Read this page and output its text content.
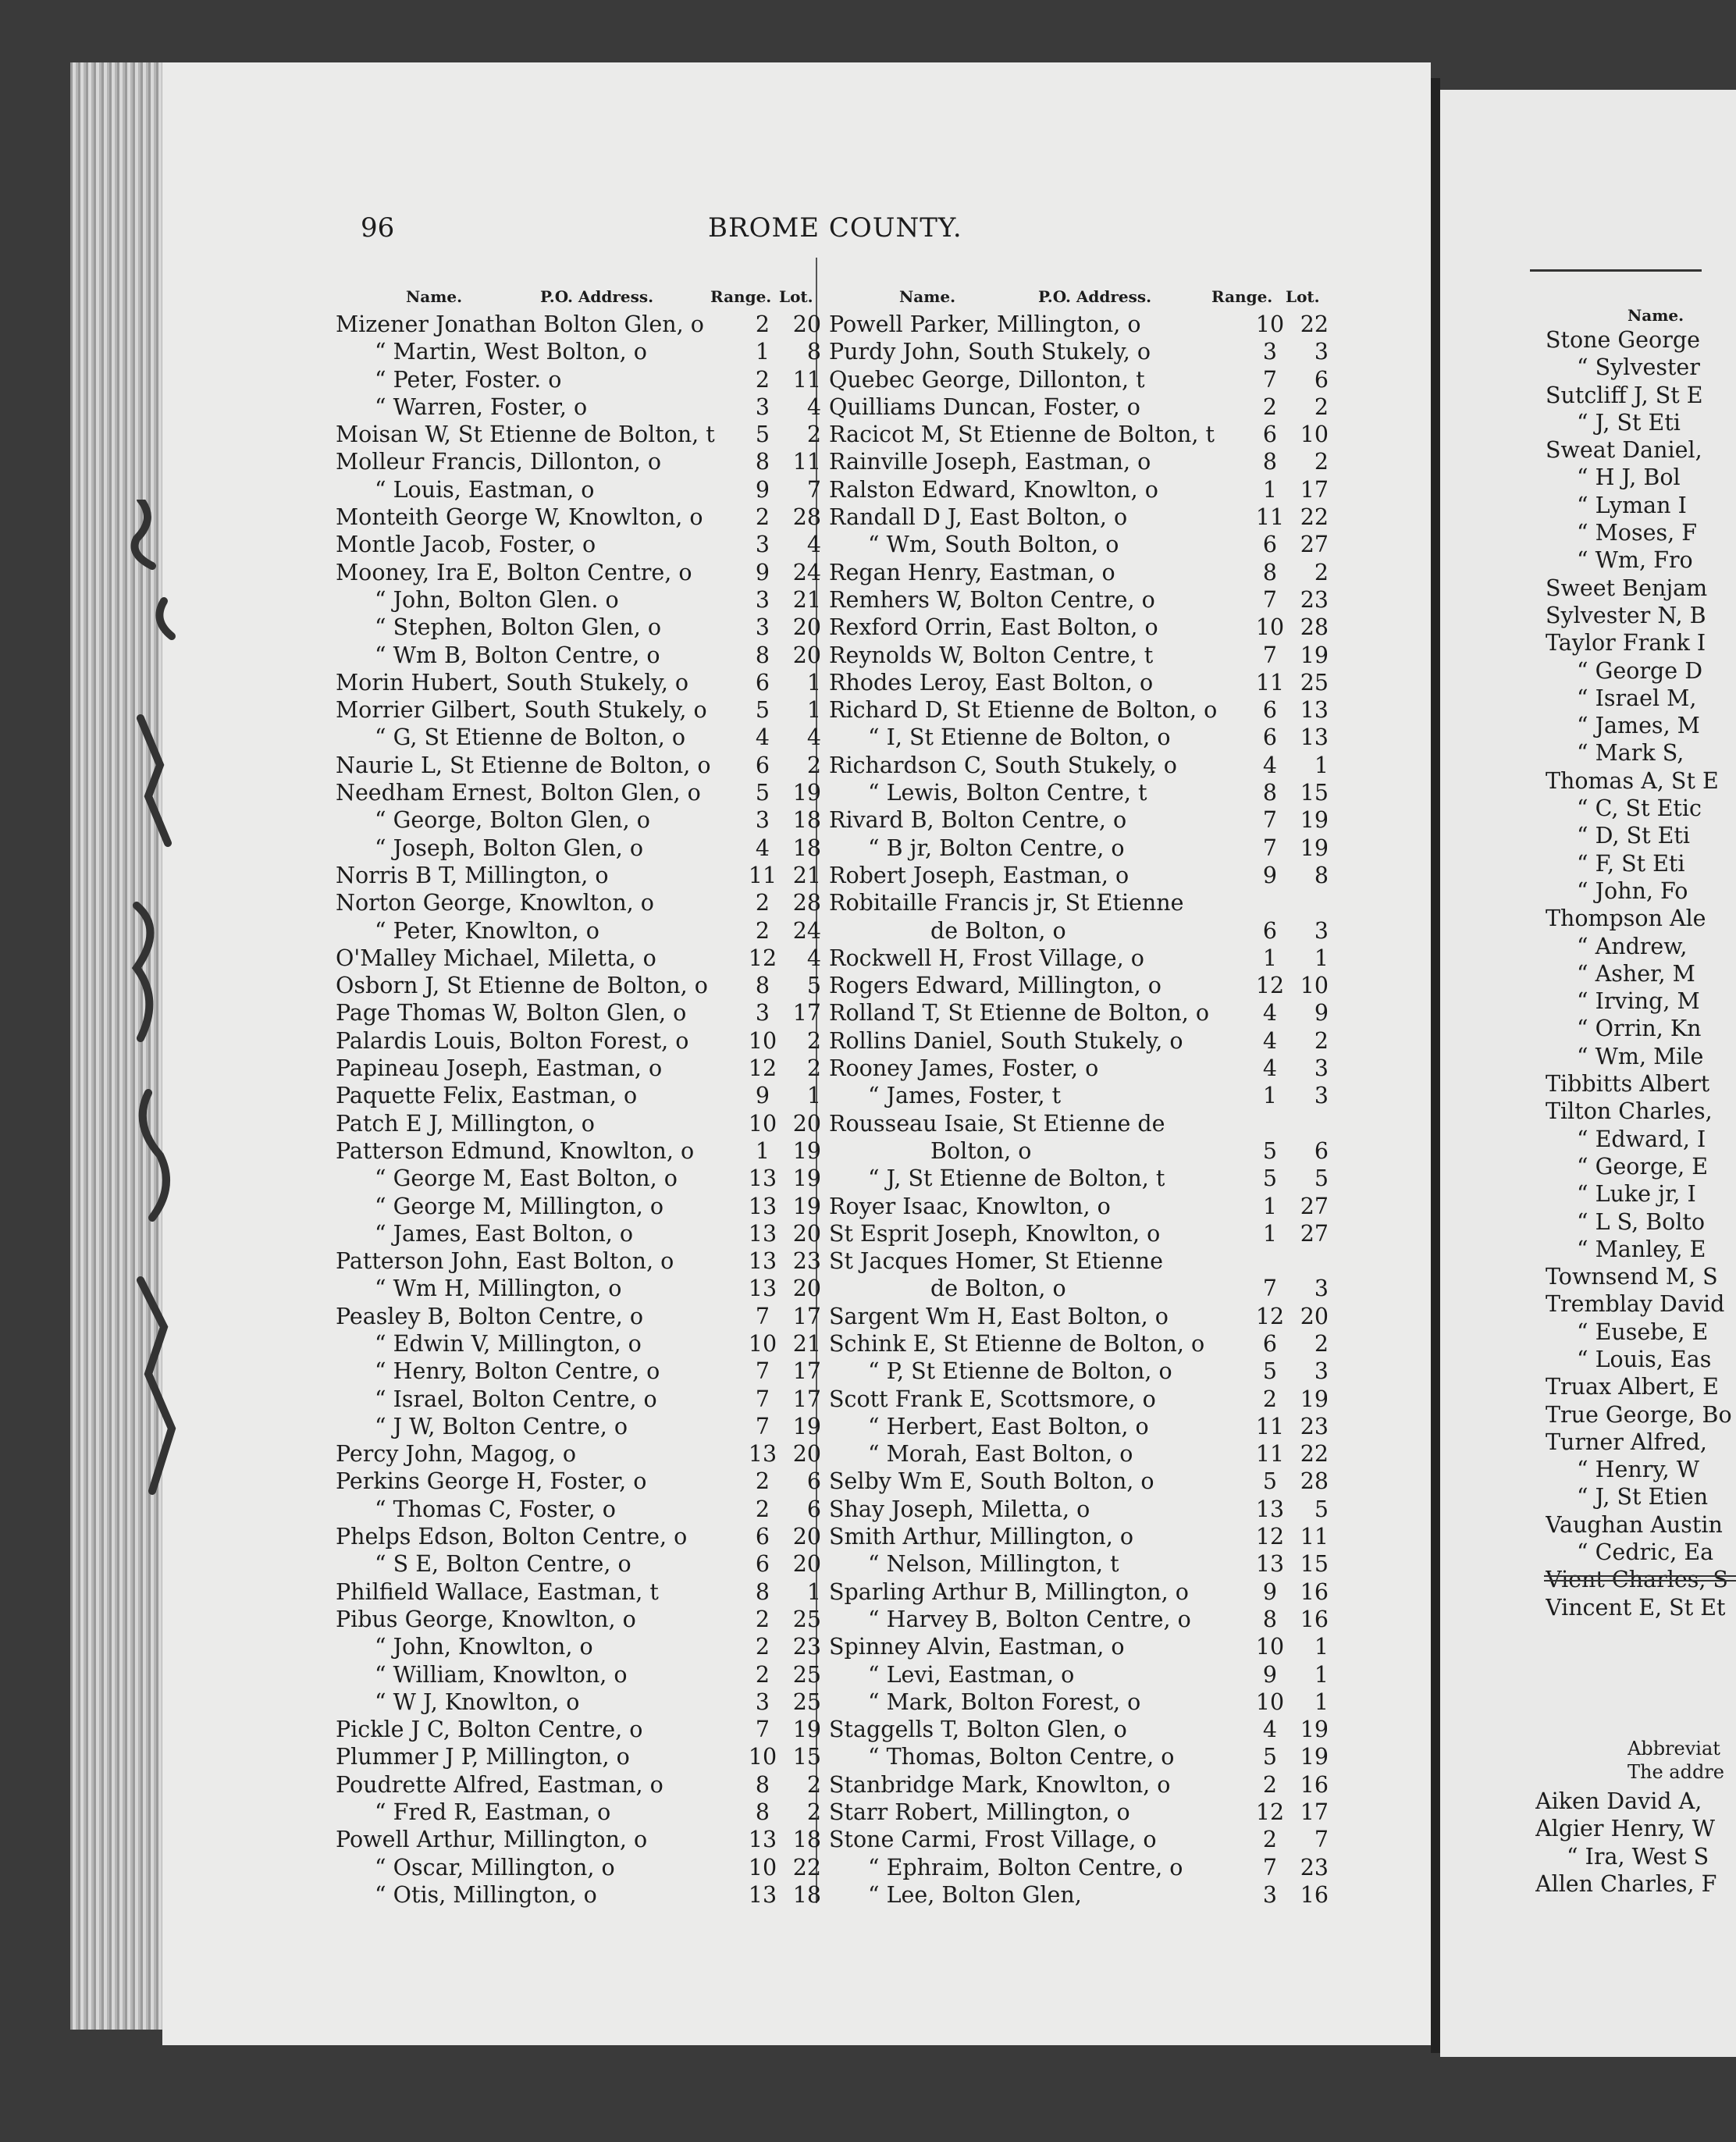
96	BROME COUNTY.
Name.	P.O. Address.	Range. Lot.
Mizener Jonathan Bolton Glen, o	2	20
“ Martin, West Bolton, o	1	8
“ Peter, Foster. o	2	11
“ Warren, Foster, o	3	4
Moisan W, St Etienne de Bolton, t	5	2
Molleur Francis, Dillonton, o	8	11
“ Louis, Eastman, o	9	7
Monteith George W, Knowlton, o	2	28
Montle Jacob, Foster, o	3	4
Mooney, Ira E, Bolton Centre, o	9	24
“ John, Bolton Glen. o	3	21
“ Stephen, Bolton Glen, o	3	20
“ Wm B, Bolton Centre, o	8	20
Morin Hubert, South Stukely, o	6	1
Morrier Gilbert, South Stukely, o	5	1
“ G, St Etienne de Bolton, o	4	4
Naurie L, St Etienne de Bolton, o	6	2
Needham Ernest, Bolton Glen, o	5	19
“ George, Bolton Glen, o	3	18
“ Joseph, Bolton Glen, o	4	18
Norris B T, Millington, o	11 21
Norton George, Knowlton, o	2	28
“ Peter, Knowlton, o	2	24
O'Malley Michael, Miletta, o	12	4
Osborn J, St Etienne de Bolton, o	8	5
Page Thomas W, Bolton Glen, o	3	17
Palardis Louis, Bolton Forest, o	10	2
Papineau Joseph, Eastman, o	12	2
Paquette Felix, Eastman, o	9	1
Patch E J, Millington, o	10 20
Patterson Edmund, Knowlton, o	1	19
“ George M, East Bolton, o	13 19
“ George M, Millington, o	13 19
“ James, East Bolton, o	13 20
Patterson John, East Bolton, o	13 23
“ Wm H, Millington, o	13 20
Peasley B, Bolton Centre, o	7	17
“ Edwin V, Millington, o	10 21
“ Henry, Bolton Centre, o	7	17
“ Israel, Bolton Centre, o	7	17
“ J W, Bolton Centre, o	7	19
Percy John, Magog, o	13 20
Perkins George H, Foster, o	2	6
“ Thomas C, Foster, o	2	6
Phelps Edson, Bolton Centre, o	6	20
“ S E, Bolton Centre, o	6	20
Philfield Wallace, Eastman, t	8	1
Pibus George, Knowlton, o	2	25
“ John, Knowlton, o	2	23
“ William, Knowlton, o	2	25
“ W J, Knowlton, o	3	25
Pickle J C, Bolton Centre, o	7	19
Plummer J P, Millington, o	10 15
Poudrette Alfred, Eastman, o	8	2
“ Fred R, Eastman, o	8	2
Powell Arthur, Millington, o	13 18
“ Oscar, Millington, o	10 22
“ Otis, Millington, o	13 18
Name.	P.O. Address.	Range. Lot.
Powell Parker, Millington, o	10 22
Purdy John, South Stukely, o	3	3
Quebec George, Dillonton, t	7	6
Quilliams Duncan, Foster, o	2	2
Racicot M, St Etienne de Bolton, t	6	10
Rainville Joseph, Eastman, o	8	2
Ralston Edward, Knowlton, o	1	17
Randall D J, East Bolton, o	11 22
“ Wm, South Bolton, o	6	27
Regan Henry, Eastman, o	8	2
Remhers W, Bolton Centre, o	7	23
Rexford Orrin, East Bolton, o	10 28
Reynolds W, Bolton Centre, t	7	19
Rhodes Leroy, East Bolton, o	11 25
Richard D, St Etienne de Bolton, o	6	13
“ I, St Etienne de Bolton, o	6	13
Richardson C, South Stukely, o	4	1
“ Lewis, Bolton Centre, t	8	15
Rivard B, Bolton Centre, o	7	19
“ B jr, Bolton Centre, o	7	19
Robert Joseph, Eastman, o	9	8
Robitaille Francis jr, St Etienne
de Bolton, o	6	3
Rockwell H, Frost Village, o	1	1
Rogers Edward, Millington, o	12 10
Rolland T, St Etienne de Bolton, o	4	9
Rollins Daniel, South Stukely, o	4	2
Rooney James, Foster, o	4	3
“ James, Foster, t	1	3
Rousseau Isaie, St Etienne de
Bolton, o	5	6
“ J, St Etienne de Bolton, t	5	5
Royer Isaac, Knowlton, o	1	27
St Esprit Joseph, Knowlton, o	1	27
St Jacques Homer, St Etienne
de Bolton, o	7	3
Sargent Wm H, East Bolton, o	12 20
Schink E, St Etienne de Bolton, o	6	2
“ P, St Etienne de Bolton, o	5	3
Scott Frank E, Scottsmore, o	2	19
“ Herbert, East Bolton, o	11 23
“ Morah, East Bolton, o	11 22
Selby Wm E, South Bolton, o	5	28
Shay Joseph, Miletta, o	13	5
Smith Arthur, Millington, o	12 11
“ Nelson, Millington, t	13 15
Sparling Arthur B, Millington, o	9	16
“ Harvey B, Bolton Centre, o	8	16
Spinney Alvin, Eastman, o	10	1
“ Levi, Eastman, o	9	1
“ Mark, Bolton Forest, o	10	1
Staggells T, Bolton Glen, o	4	19
“ Thomas, Bolton Centre, o	5	19
Stanbridge Mark, Knowlton, o	2	16
Starr Robert, Millington, o	12 17
Stone Carmi, Frost Village, o	2	7
“ Ephraim, Bolton Centre, o	7	23
“ Lee, Bolton Glen,	3	16
Name.
Stone George
“ Sylvester
Sutcliff J, St E
“ J, St Eti
Sweat Daniel,
“ H J, Bol
“ Lyman I
“ Moses, F
“ Wm, Fro
Sweet Benjam
Sylvester N, B
Taylor Frank I
“ George D
“ Israel M,
“ James, M
“ Mark S,
Thomas A, St E
“ C, St Etic
“ D, St Eti
“ F, St Eti
“ John, Fo
Thompson Ale
“ Andrew,
“ Asher, M
“ Irving, M
“ Orrin, Kn
“ Wm, Mile
Tibbitts Albert
Tilton Charles,
“ Edward, I
“ George, E
“ Luke jr, I
“ L S, Bolto
“ Manley, E
Townsend M, S
Tremblay David
“ Eusebe, E
“ Louis, Eas
Truax Albert, E
True George, Bo
Turner Alfred,
“ Henry, W
“ J, St Etien
Vaughan Austin
“ Cedric, Ea
Vient Charles, S
Vincent E, St Et
Abbreviat
The addre
Aiken David A,
Algier Henry, W
“ Ira, West S
Allen Charles, F
